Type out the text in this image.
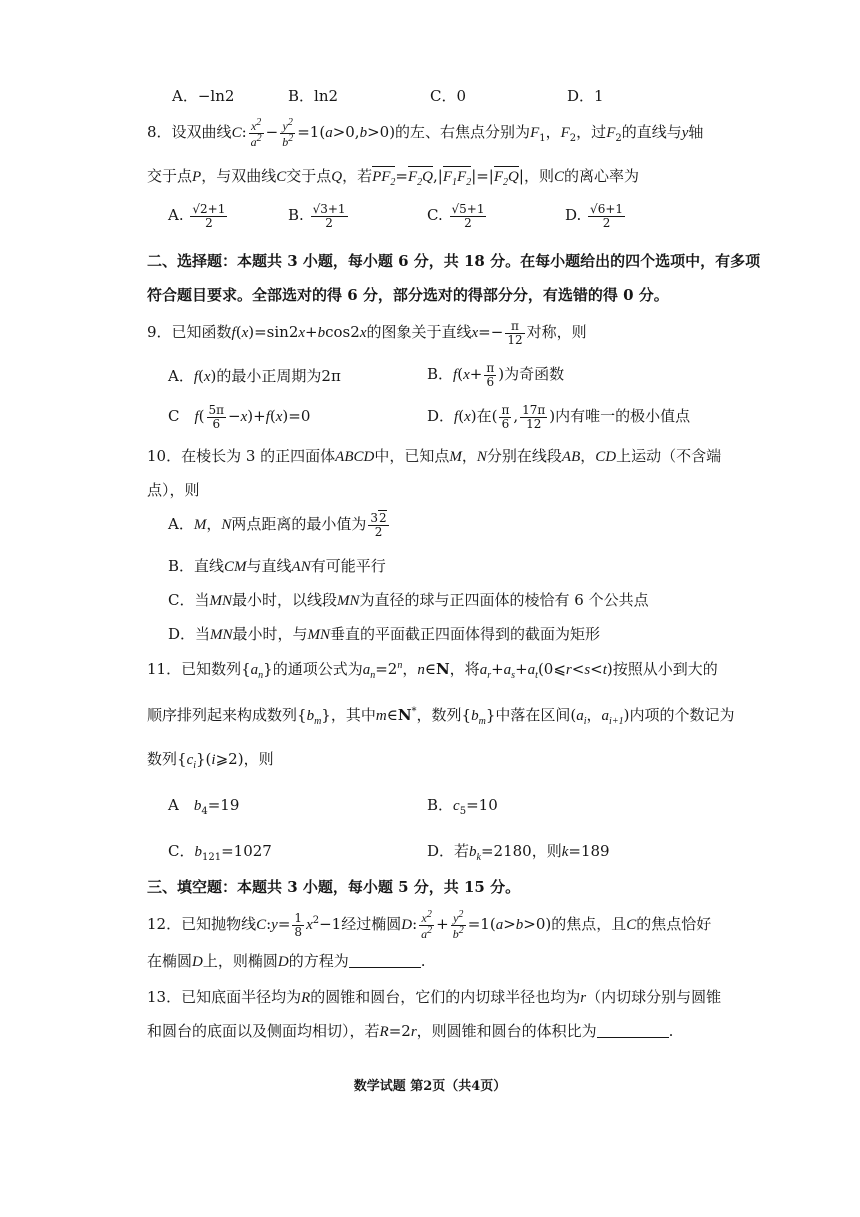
A．−ln2	B．ln2	C．0	D．1
8．设双曲线C: $\frac{x^2}{a^2} - \frac{y^2}{b^2} =1(a>0,b>0)$的左、右焦点分别为$F_1$，$F_2$，过$F_2$的直线与y轴
交于点P，与双曲线C交于点Q，若$PF_2=F_2Q,|F_1F_2|=|F_2Q|$，则C的离心率为
A. $\frac{√2+1}{2}$	B. $\frac{√3+1}{2}$	C. $\frac{√5+1}{2}$	D. $\frac{√6+1}{2}$
二、选择题：本题共 3 小题，每小题 6 分，共 18 分。在每小题给出的四个选项中，有多项
符合题目要求。全部选对的得 6 分，部分选对的得部分分，有选错的得 0 分。
9．已知函数f(x)=sin2x+bcos2x的图象关于直线$x=- \frac{\pi}{12}$ 对称，则
A．f(x)的最小正周期为2π	B．$f(x+ \frac{\pi}{6}$ )为奇函数
C　$f( \frac{5\pi}{6} -x)+f(x)=0$	D．f(x)在( $\frac{\pi}{6}$ , $\frac{17\pi}{12}$ )内有唯一的极小值点
10．在棱长为 3 的正四面体ABCD中，已知点M，N分别在线段AB，CD上运动（不含端
点），则
A．M，N两点距离的最小值为 $\frac{32}{2}$
B．直线CM与直线AN有可能平行
C．当MN最小时，以线段MN为直径的球与正四面体的棱恰有 6 个公共点
D．当MN最小时，与MN垂直的平面截正四面体得到的截面为矩形
11．已知数列$\{a_n\}$的通项公式为$a_n=2^n$，n∈N，将$a_r+a_s+a_t(0⩽r<s<t)$按照从小到大的
顺序排列起来构成数列$\{b_m\}$，其中m∈N*，数列$\{b_m\}$中落在区间($a_i$，$a_{i+1}$)内项的个数记为
数列$\{c_i\}(i⩾2)$，则
A　$b_4=19$	B．$c_5=10$
C．$b_{121}=1027$	D．若$b_k=2180$，则k=189
三、填空题：本题共 3 小题，每小题 5 分，共 15 分。
12．已知抛物线C:y= $\frac{1}{8} x^2-1$经过椭圆D: $\frac{x^2}{a^2} + \frac{y^2}{b^2} =1(a>b>0)$的焦点，且C的焦点恰好
在椭圆D上，则椭圆D的方程为	.
13．已知底面半径均为R的圆锥和圆台，它们的内切球半径也均为r（内切球分别与圆锥
和圆台的底面以及侧面均相切），若R=2r，则圆锥和圆台的体积比为	.
数学试题 第2页（共4页）
